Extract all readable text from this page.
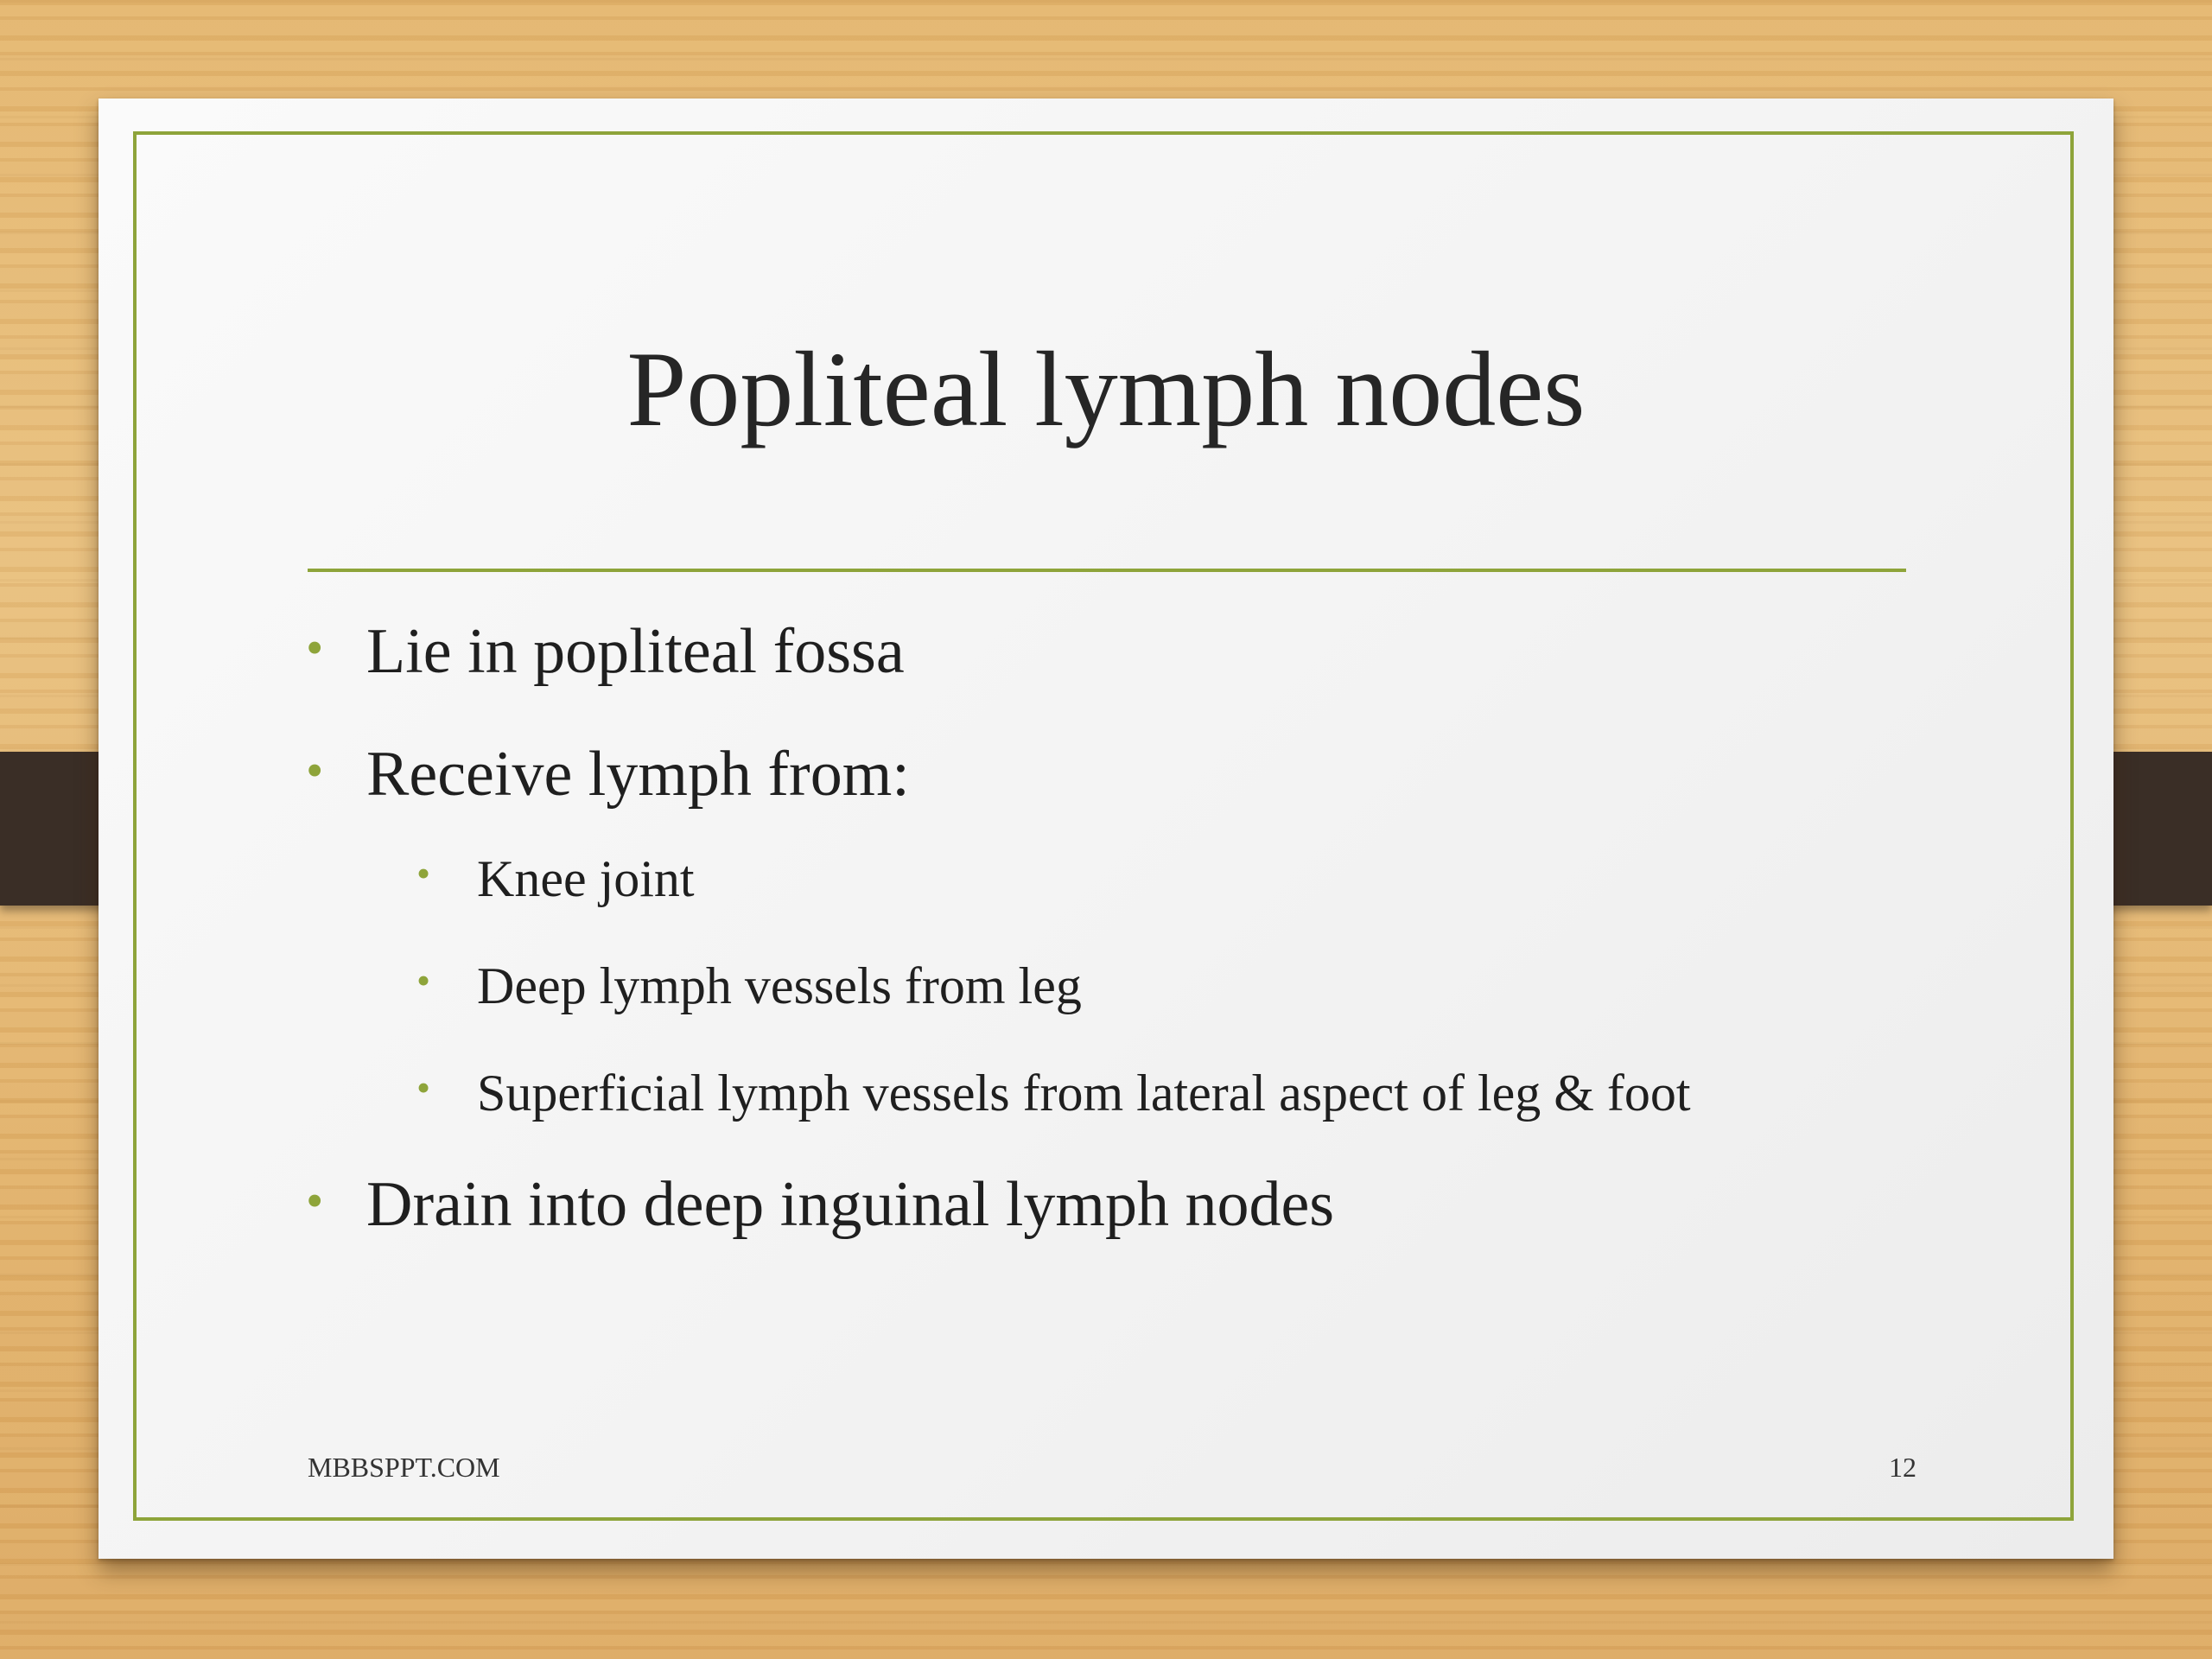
Popliteal lymph nodes
• Lie in popliteal fossa
• Receive lymph from:
• Knee joint
• Deep lymph vessels from leg
• Superficial lymph vessels from lateral aspect of leg & foot
• Drain into deep inguinal lymph nodes
MBBSPPT.COM	12
